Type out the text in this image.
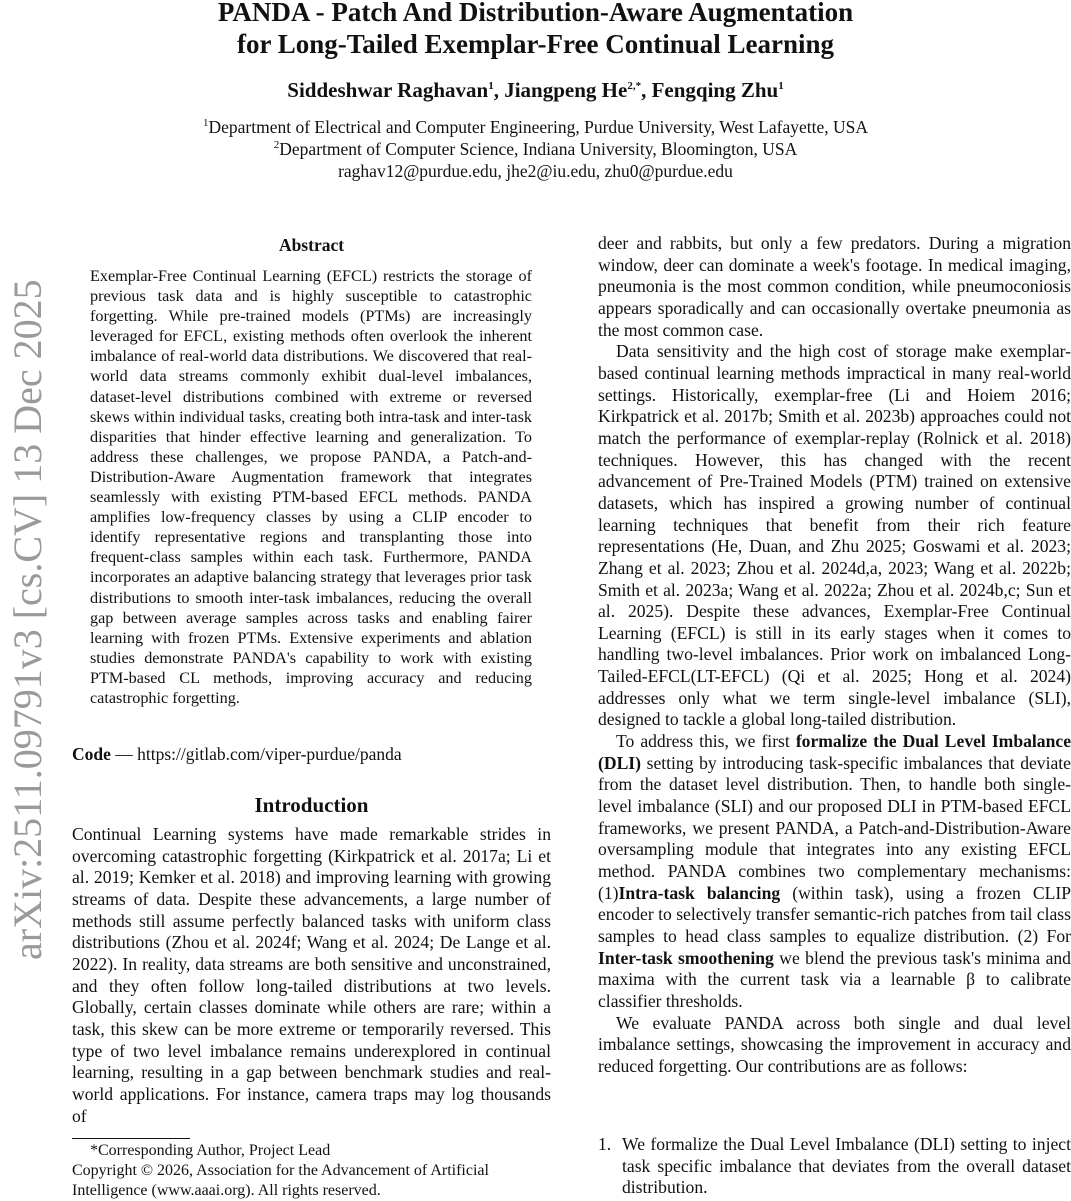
arXiv:2511.09791v3 [cs.CV] 13 Dec 2025
PANDA - Patch And Distribution-Aware Augmentation
for Long-Tailed Exemplar-Free Continual Learning
Siddeshwar Raghavan$^1$, Jiangpeng $He^{2,*}$, Fengqing Zhu$^1$
$^1$Department of Electrical and Computer Engineering, Purdue University, West Lafayette, USA
$^2$Department of Computer Science, Indiana University, Bloomington, USA
raghav12@purdue.edu, jhe2@iu.edu, zhu0@purdue.edu
Abstract
Exemplar-Free Continual Learning (EFCL) restricts the storage of previous task data and is highly susceptible to catastrophic forgetting. While pre-trained models (PTMs) are increasingly leveraged for EFCL, existing methods often overlook the inherent imbalance of real-world data distributions. We discovered that real-world data streams commonly exhibit dual-level imbalances, dataset-level distributions combined with extreme or reversed skews within individual tasks, creating both intra-task and inter-task disparities that hinder effective learning and generalization. To address these challenges, we propose PANDA, a Patch-and-Distribution-Aware Augmentation framework that integrates seamlessly with existing PTM-based EFCL methods. PANDA amplifies low-frequency classes by using a CLIP encoder to identify representative regions and transplanting those into frequent-class samples within each task. Furthermore, PANDA incorporates an adaptive balancing strategy that leverages prior task distributions to smooth inter-task imbalances, reducing the overall gap between average samples across tasks and enabling fairer learning with frozen PTMs. Extensive experiments and ablation studies demonstrate PANDA's capability to work with existing PTM-based CL methods, improving accuracy and reducing catastrophic forgetting.
Code — https://gitlab.com/viper-purdue/panda
Introduction
Continual Learning systems have made remarkable strides in overcoming catastrophic forgetting (Kirkpatrick et al. 2017a; Li et al. 2019; Kemker et al. 2018) and improving learning with growing streams of data. Despite these advancements, a large number of methods still assume perfectly balanced tasks with uniform class distributions (Zhou et al. 2024f; Wang et al. 2024; De Lange et al. 2022). In reality, data streams are both sensitive and unconstrained, and they often follow long-tailed distributions at two levels. Globally, certain classes dominate while others are rare; within a task, this skew can be more extreme or temporarily reversed. This type of two level imbalance remains underexplored in continual learning, resulting in a gap between benchmark studies and real-world applications. For instance, camera traps may log thousands of
*Corresponding Author, Project Lead
Copyright © 2026, Association for the Advancement of Artificial Intelligence (www.aaai.org). All rights reserved.

deer and rabbits, but only a few predators. During a migration window, deer can dominate a week's footage. In medical imaging, pneumonia is the most common condition, while pneumoconiosis appears sporadically and can occasionally overtake pneumonia as the most common case.

Data sensitivity and the high cost of storage make exemplar-based continual learning methods impractical in many real-world settings. Historically, exemplar-free (Li and Hoiem 2016; Kirkpatrick et al. 2017b; Smith et al. 2023b) approaches could not match the performance of exemplar-replay (Rolnick et al. 2018) techniques. However, this has changed with the recent advancement of Pre-Trained Models (PTM) trained on extensive datasets, which has inspired a growing number of continual learning techniques that benefit from their rich feature representations (He, Duan, and Zhu 2025; Goswami et al. 2023; Zhang et al. 2023; Zhou et al. 2024d,a, 2023; Wang et al. 2022b; Smith et al. 2023a; Wang et al. 2022a; Zhou et al. 2024b,c; Sun et al. 2025). Despite these advances, Exemplar-Free Continual Learning (EFCL) is still in its early stages when it comes to handling two-level imbalances. Prior work on imbalanced Long-Tailed-EFCL(LT-EFCL) (Qi et al. 2025; Hong et al. 2024) addresses only what we term single-level imbalance (SLI), designed to tackle a global long-tailed distribution.

To address this, we first formalize the Dual Level Imbalance (DLI) setting by introducing task-specific imbalances that deviate from the dataset level distribution. Then, to handle both single-level imbalance (SLI) and our proposed DLI in PTM-based EFCL frameworks, we present PANDA, a Patch-and-Distribution-Aware oversampling module that integrates into any existing EFCL method. PANDA combines two complementary mechanisms: (1)Intra-task balancing (within task), using a frozen CLIP encoder to selectively transfer semantic-rich patches from tail class samples to head class samples to equalize distribution. (2) For Inter-task smoothening we blend the previous task's minima and maxima with the current task via a learnable β to calibrate classifier thresholds.

We evaluate PANDA across both single and dual level imbalance settings, showcasing the improvement in accuracy and reduced forgetting. Our contributions are as follows:

1. We formalize the Dual Level Imbalance (DLI) setting to inject task specific imbalance that deviates from the overall dataset distribution.
